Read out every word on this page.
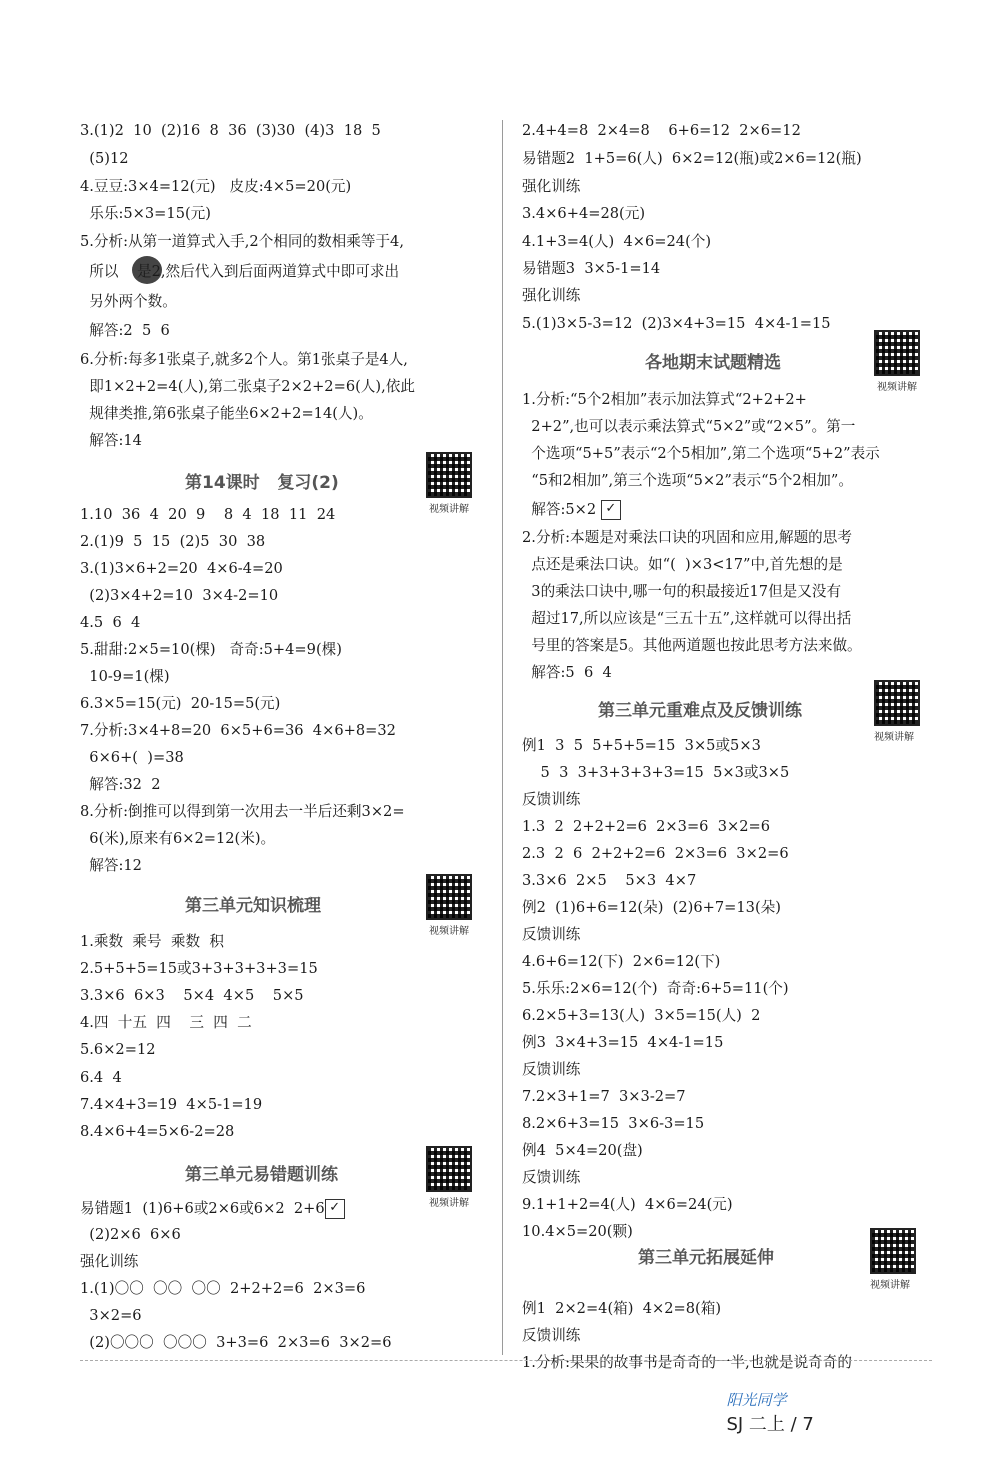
第14课时   复习(2)
视频讲解
第三单元知识梳理
视频讲解
第三单元易错题训练
视频讲解
3.(1)2  10  (2)16  8  36  (3)30  (4)3  18  5
(5)12
4.豆豆:3×4=12(元)   皮皮:4×5=20(元)
乐乐:5×3=15(元)
5.分析:从第一道算式入手,2个相同的数相乘等于4,
所以    是2,然后代入到后面两道算式中即可求出
另外两个数。
解答:2  5  6
6.分析:每多1张桌子,就多2个人。第1张桌子是4人,
即1×2+2=4(人),第二张桌子2×2+2=6(人),依此
规律类推,第6张桌子能坐6×2+2=14(人)。
解答:14
1.10  36  4  20  9    8  4  18  11  24
2.(1)9  5  15  (2)5  30  38
3.(1)3×6+2=20  4×6-4=20
(2)3×4+2=10  3×4-2=10
4.5  6  4
5.甜甜:2×5=10(棵)   奇奇:5+4=9(棵)
10-9=1(棵)
6.3×5=15(元)  20-15=5(元)
7.分析:3×4+8=20  6×5+6=36  4×6+8=32
6×6+(  )=38
解答:32  2
8.分析:倒推可以得到第一次用去一半后还剩3×2=
6(米),原来有6×2=12(米)。
解答:12
1.乘数  乘号  乘数  积
2.5+5+5=15或3+3+3+3+3=15
3.3×6  6×3    5×4  4×5    5×5
4.四  十五  四    三  四  二
5.6×2=12
6.4  4
7.4×4+3=19  4×5-1=19
8.4×6+4=5×6-2=28
易错题1  (1)6+6或2×6或6×2  2+6 ✓
(2)2×6  6×6
强化训练
1.(1)〇〇  〇〇  〇〇  2+2+2=6  2×3=6
3×2=6
(2)〇〇〇  〇〇〇  3+3=6  2×3=6  3×2=6
各地期末试题精选
视频讲解
第三单元重难点及反馈训练
视频讲解
第三单元拓展延伸
视频讲解
2.4+4=8  2×4=8    6+6=12  2×6=12
易错题2  1+5=6(人)  6×2=12(瓶)或2×6=12(瓶)
强化训练
3.4×6+4=28(元)
4.1+3=4(人)  4×6=24(个)
易错题3  3×5-1=14
强化训练
5.(1)3×5-3=12  (2)3×4+3=15  4×4-1=15
1.分析:“5个2相加”表示加法算式“2+2+2+
2+2”,也可以表示乘法算式“5×2”或“2×5”。第一
个选项“5+5”表示“2个5相加”,第二个选项“5+2”表示
“5和2相加”,第三个选项“5×2”表示“5个2相加”。
解答:5×2 ✓
2.分析:本题是对乘法口诀的巩固和应用,解题的思考
点还是乘法口诀。如“(  )×3<17”中,首先想的是
3的乘法口诀中,哪一句的积最接近17但是又没有
超过17,所以应该是“三五十五”,这样就可以得出括
号里的答案是5。其他两道题也按此思考方法来做。
解答:5  6  4
例1  3  5  5+5+5=15  3×5或5×3
5  3  3+3+3+3+3=15  5×3或3×5
反馈训练
1.3  2  2+2+2=6  2×3=6  3×2=6
2.3  2  6  2+2+2=6  2×3=6  3×2=6
3.3×6  2×5    5×3  4×7
例2  (1)6+6=12(朵)  (2)6+7=13(朵)
反馈训练
4.6+6=12(下)  2×6=12(下)
5.乐乐:2×6=12(个)  奇奇:6+5=11(个)
6.2×5+3=13(人)  3×5=15(人)  2
例3  3×4+3=15  4×4-1=15
反馈训练
7.2×3+1=7  3×3-2=7
8.2×6+3=15  3×6-3=15
例4  5×4=20(盘)
反馈训练
9.1+1+2=4(人)  4×6=24(元)
10.4×5=20(颗)
例1  2×2=4(箱)  4×2=8(箱)
反馈训练
1.分析:果果的故事书是奇奇的一半,也就是说奇奇的

阳光同学
SJ 二上 / 7
